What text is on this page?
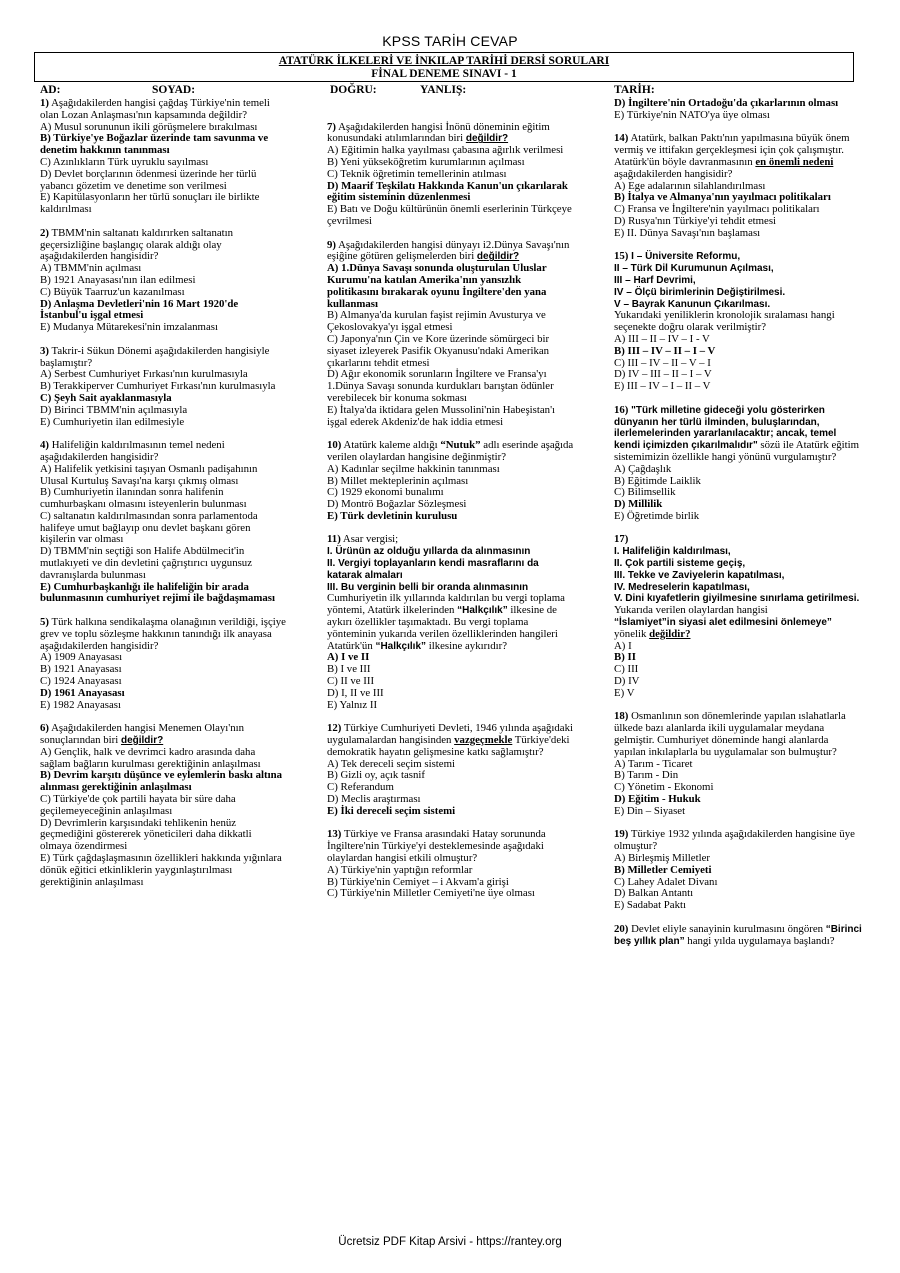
KPSS TARİH CEVAP
ATATÜRK İLKELERİ VE İNKILAP TARİHİ DERSİ SORULARI
FİNAL DENEME SINAVI - 1
AD:	SOYAD:	DOĞRU:	YANLIŞ:	TARİH:
1) Aşağıdakilerden hangisi çağdaş Türkiye'nin temeli olan Lozan Anlaşması'nın kapsamında değildir?
A) Musul sorununun ikili görüşmelere bırakılması
B) Türkiye'ye Boğazlar üzerinde tam savunma ve denetim hakkının tanınması
C) Azınlıkların Türk uyruklu sayılması
D) Devlet borçlarının ödenmesi üzerinde her türlü yabancı gözetim ve denetime son verilmesi
E) Kapitülasyonların her türlü sonuçları ile birlikte kaldırılması
2) TBMM'nin saltanatı kaldırırken saltanatın geçersizliğine başlangıç olarak aldığı olay aşağıdakilerden hangisidir?
A) TBMM'nin açılması
B) 1921 Anayasası'nın ilan edilmesi
C) Büyük Taarruz'un kazanılması
D) Anlaşma Devletleri'nin 16 Mart 1920'de İstanbul'u işgal etmesi
E) Mudanya Mütarekesi'nin imzalanması
3) Takrir-i Sükun Dönemi aşağıdakilerden hangisiyle başlamıştır?
A) Serbest Cumhuriyet Fırkası'nın kurulmasıyla
B) Terakkiperver Cumhuriyet Fırkası'nın kurulmasıyla
C) Şeyh Sait ayaklanmasıyla
D) Birinci TBMM'nin açılmasıyla
E) Cumhuriyetin ilan edilmesiyle
4) Halifeliğin kaldırılmasının temel nedeni aşağıdakilerden hangisidir?
A) Halifelik yetkisini taşıyan Osmanlı padişahının Ulusal Kurtuluş Savaşı'na karşı çıkmış olması
B) Cumhuriyetin ilanından sonra halifenin cumhurbaşkanı olmasını isteyenlerin bulunması
C) saltanatın kaldırılmasından sonra parlamentoda halifeye umut bağlayıp onu devlet başkanı gören kişilerin var olması
D) TBMM'nin seçtiği son Halife Abdülmecit'in mutlakıyeti ve din devletini çağrıştırıcı uygunsuz davranışlarda bulunması
E) Cumhurbaşkanlığı ile halifeliğin bir arada bulunmasının cumhuriyet rejimi ile bağdaşmaması
5) Türk halkına sendikalaşma olanağının verildiği, işçiye grev ve toplu sözleşme hakkının tanındığı ilk anayasa aşağıdakilerden hangisidir?
A) 1909 Anayasası
B) 1921 Anayasası
C) 1924 Anayasası
D) 1961 Anayasası
E) 1982 Anayasası
6) Aşağıdakilerden hangisi Menemen Olayı'nın sonuçlarından biri değildir?
A) Gençlik, halk ve devrimci kadro arasında daha sağlam bağların kurulması gerektiğinin anlaşılması
B) Devrim karşıtı düşünce ve eylemlerin baskı altına alınması gerektiğinin anlaşılması
C) Türkiye'de çok partili hayata bir süre daha geçilemeyeceğinin anlaşılması
D) Devrimlerin karşısındaki tehlikenin henüz geçmediğini göstererek yöneticileri daha dikkatli olmaya özendirmesi
E) Türk çağdaşlaşmasının özellikleri hakkında yığınlara dönük eğitici etkinliklerin yaygınlaştırılması gerektiğinin anlaşılması
7) Aşağıdakilerden hangisi İnönü döneminin eğitim konusundaki atılımlarından biri değildir?
A) Eğitimin halka yayılması çabasına ağırlık verilmesi
B) Yeni yükseköğretim kurumlarının açılması
C) Teknik öğretimin temellerinin atılması
D) Maarif Teşkilatı Hakkında Kanun'un çıkarılarak eğitim sisteminin düzenlenmesi
E) Batı ve Doğu kültürünün önemli eserlerinin Türkçeye çevrilmesi
9) Aşağıdakilerden hangisi dünyayı i2.Dünya Savaşı'nın eşiğine götüren gelişmelerden biri değildir?
A) 1.Dünya Savaşı sonunda oluşturulan Uluslar Kurumu'na katılan Amerika'nın yansızlık politikasını bırakarak oyunu İngiltere'den yana kullanması
B) Almanya'da kurulan faşist rejimin Avusturya ve Çekoslovakya'yı işgal etmesi
C) Japonya'nın Çin ve Kore üzerinde sömürgeci bir siyaset izleyerek Pasifik Okyanusu'ndaki Amerikan çıkarlarını tehdit etmesi
D) Ağır ekonomik sorunların İngiltere ve Fransa'yı 1.Dünya Savaşı sonunda kurdukları barıştan ödünler verebilecek bir konuma sokması
E) İtalya'da iktidara gelen Mussolini'nin Habeşistan'ı işgal ederek Akdeniz'de hak iddia etmesi
10) Atatürk kaleme aldığı “Nutuk” adlı eserinde aşağıda verilen olaylardan hangisine değinmiştir?
A) Kadınlar seçilme hakkinin tanınması
B) Millet mekteplerinin açılması
C) 1929 ekonomi bunalımı
D) Montrö Boğazlar Sözleşmesi
E) Türk devletinin kurulusu
11) Asar vergisi;
I. Ürünün az olduğu yıllarda da alınmasının
II. Vergiyi toplayanların kendi masraflarını da katarak almaları
III. Bu verginin belli bir oranda alınmasının
Cumhuriyetin ilk yıllarında kaldırılan bu vergi toplama yöntemi, Atatürk ilkelerinden “Halkçılık” ilkesine de aykırı özellikler taşımaktadı. Bu vergi toplama yönteminin yukarıda verilen özelliklerinden hangileri Atatürk'ün “Halkçılık” ilkesine aykırıdır?
A) I ve II
B) I ve III
C) II ve III
D) I, II ve III
E) Yalnız II
12) Türkiye Cumhuriyeti Devleti, 1946 yılında aşağıdaki uygulamalardan hangisinden vazgeçmekle Türkiye'deki demokratik hayatın gelişmesine katkı sağlamıştır?
A) Tek dereceli seçim sistemi
B) Gizli oy, açık tasnif
C) Referandum
D) Meclis araştırması
E) İki dereceli seçim sistemi
13) Türkiye ve Fransa arasındaki Hatay sorununda İngiltere'nin Türkiye'yi desteklemesinde aşağıdaki olaylardan hangisi etkili olmuştur?
A) Türkiye'nin yaptığın reformlar
B) Türkiye'nin Cemiyet – i Akvam'a girişi
C) Türkiye'nin Milletler Cemiyeti'ne üye olması
D) İngiltere'nin Ortadoğu'da çıkarlarının olması
E) Türkiye'nin NATO'ya üye olması
14) Atatürk, balkan Paktı'nın yapılmasına büyük önem vermiş ve ittifakın gerçekleşmesi için çok çalışmıştır. Atatürk'ün böyle davranmasının en önemli nedeni aşağıdakilerden hangisidir?
A) Ege adalarının silahlandırılması
B) İtalya ve Almanya'nın yayılmacı politikaları
C) Fransa ve İngiltere'nin yayılmacı politikaları
D) Rusya'nın Türkiye'yi tehdit etmesi
E) II. Dünya Savaşı'nın başlaması
15) I – Üniversite Reformu,
II – Türk Dil Kurumunun Açılması,
III – Harf Devrimi,
IV – Ölçü birimlerinin Değiştirilmesi.
V – Bayrak Kanunun Çıkarılması.
Yukarıdaki yeniliklerin kronolojik sıralaması hangi seçenekte doğru olarak verilmiştir?
A) III – II – IV – I - V
B) III – IV – II – I – V
C) III – IV – II – V – I
D) IV – III – II – I – V
E) III – IV – I – II – V
16) "Türk milletine gideceği yolu gösterirken dünyanın her türlü ilminden, buluşlarından, ilerlemelerinden yararlanılacaktır; ancak, temel kendi içimizden çıkarılmalıdır" sözü ile Atatürk eğitim sistemimizin özellikle hangi yönünü vurgulamıştır?
A) Çağdaşlık
B) Eğitimde Laiklik
C) Bilimsellik
D) Millilik
E) Öğretimde birlik
17)
I. Halifeliğin kaldırılması,
II. Çok partili sisteme geçiş,
III. Tekke ve Zaviyelerin kapatılması,
IV. Medreselerin kapatılması,
V. Dini kıyafetlerin giyilmesine sınırlama getirilmesi.
Yukarıda verilen olaylardan hangisi
“İslamiyet”in siyasi alet edilmesini önlemeye”
yönelik değildir?
A) I
B) II
C) III
D) IV
E) V
18) Osmanlının son dönemlerinde yapılan ıslahatlarla ülkede bazı alanlarda ikili uygulamalar meydana gelmiştir. Cumhuriyet döneminde hangi alanlarda yapılan inkılaplarla bu uygulamalar son bulmuştur?
A) Tarım - Ticaret
B) Tarım - Din
C) Yönetim - Ekonomi
D) Eğitim - Hukuk
E) Din – Siyaset
19) Türkiye 1932 yılında aşağıdakilerden hangisine üye olmuştur?
A) Birleşmiş Milletler
B) Milletler Cemiyeti
C) Lahey Adalet Divanı
D) Balkan Antantı
E) Sadabat Paktı
20) Devlet eliyle sanayinin kurulmasını öngören “Birinci beş yıllık plan” hangi yılda uygulamaya başlandı?
Ücretsiz PDF Kitap Arsivi - https://rantey.org
